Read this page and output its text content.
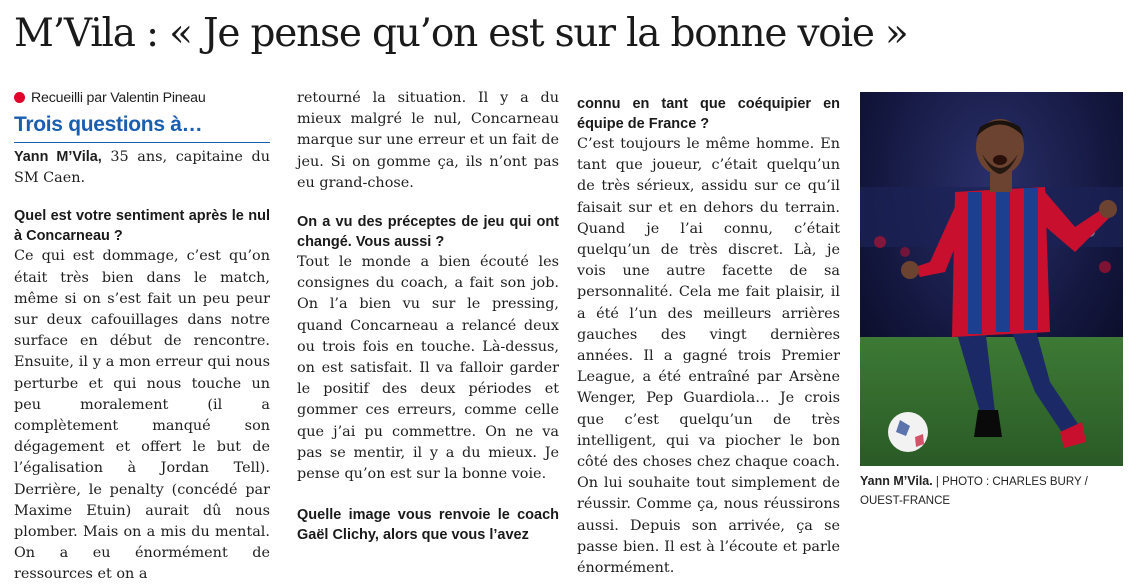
M’Vila : « Je pense qu’on est sur la bonne voie »
Recueilli par Valentin Pineau
Trois questions à…

Yann M’Vila, 35 ans, capitaine du SM Caen.

Quel est votre sentiment après le nul à Concarneau ?

Ce qui est dommage, c’est qu’on était très bien dans le match, même si on s’est fait un peu peur sur deux cafouillages dans notre surface en début de rencontre. Ensuite, il y a mon erreur qui nous perturbe et qui nous touche un peu moralement (il a complètement manqué son dégagement et offert le but de l’égalisation à Jordan Tell). Derrière, le penalty (concédé par Maxime Etuin) aurait dû nous plomber. Mais on a mis du mental. On a eu énormément de ressources et on a

retourné la situation. Il y a du mieux malgré le nul, Concarneau marque sur une erreur et un fait de jeu. Si on gomme ça, ils n’ont pas eu grand-chose.

On a vu des préceptes de jeu qui ont changé. Vous aussi ?

Tout le monde a bien écouté les consignes du coach, a fait son job. On l’a bien vu sur le pressing, quand Concarneau a relancé deux ou trois fois en touche. Là-dessus, on est satisfait. Il va falloir garder le positif des deux périodes et gommer ces erreurs, comme celle que j’ai pu commettre. On ne va pas se mentir, il y a du mieux. Je pense qu’on est sur la bonne voie.

Quelle image vous renvoie le coach Gaël Clichy, alors que vous l’avez

connu en tant que coéquipier en équipe de France ?

C’est toujours le même homme. En tant que joueur, c’était quelqu’un de très sérieux, assidu sur ce qu’il faisait sur et en dehors du terrain. Quand je l’ai connu, c’était quelqu’un de très discret. Là, je vois une autre facette de sa personnalité. Cela me fait plaisir, il a été l’un des meilleurs arrières gauches des vingt dernières années. Il a gagné trois Premier League, a été entraîné par Arsène Wenger, Pep Guardiola… Je crois que c’est quelqu’un de très intelligent, qui va piocher le bon côté des choses chez chaque coach. On lui souhaite tout simplement de réussir. Comme ça, nous réussirons aussi. Depuis son arrivée, ça se passe bien. Il est à l’écoute et parle énormément.

Yann M’Vila. | PHOTO : CHARLES BURY / OUEST-FRANCE
